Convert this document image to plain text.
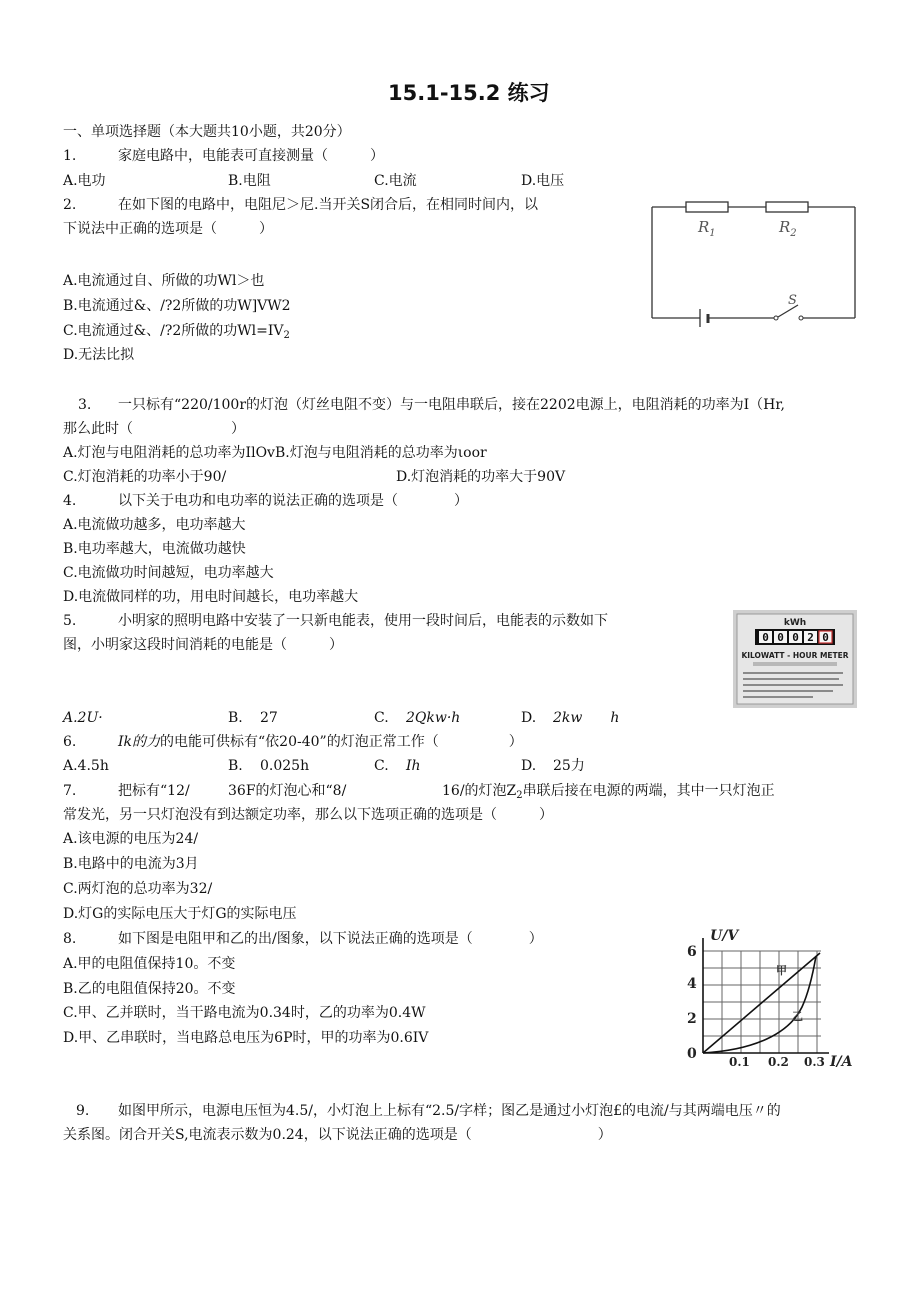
15.1-15.2 练习
一、单项选择题（本大题共10小题，共20分）
1.	家庭电路中，电能表可直接测量（　　　）
A.电功	B.电阻	C.电流	D.电压
2.	在如下图的电路中，电阻尼＞尼.当开关S闭合后，在相同时间内，以
下说法中正确的选项是（　　　）
A.电流通过自、所做的功Wl＞也
B.电流通过&、/?2所做的功W]VW2
C.电流通过&、/?2所做的功$Wl=IV_2$
D.无法比拟
$R_1$	$R_2$
S
3. 一只标有“220/100r的灯泡（灯丝电阻不变）与一电阻串联后，接在2202电源上，电阻消耗的功率为I（Hr,
那么此时（　　　　　　　）
A.灯泡与电阻消耗的总功率为IlOvB.灯泡与电阻消耗的总功率为ιoor
C.灯泡消耗的功率小于90/	D.灯泡消耗的功率大于90V
4.	以下关于电功和电功率的说法正确的选项是（　　　　）
A.电流做功越多，电功率越大
B.电功率越大，电流做功越快
C.电流做功时间越短，电功率越大
D.电流做同样的功，用电时间越长，电功率越大
5.	小明家的照明电路中安装了一只新电能表，使用一段时间后，电能表的示数如下
图，小明家这段时间消耗的电能是（　　　）
A.2U·	B. 27	C. 2Qkw·h	D. 2kw　　h
kWh
0 0 0 2 0
KILOWATT - HOUR METER
6.	Ik的力的电能可供标有“依20-40”的灯泡正常工作（　　　　　）
A.4.5h	B. 0.025h	C. Ih	D. 25力
7.	把标有“12/	36F的灯泡心和“8/	16/的灯泡$Z_2$串联后接在电源的两端，其中一只灯泡正
常发光，另一只灯泡没有到达额定功率，那么以下选项正确的选项是（　　　）
A.该电源的电压为24/
B.电路中的电流为3月
C.两灯泡的总功率为32/
D.灯G的实际电压大于灯G的实际电压
8.	如下图是电阻甲和乙的出/图象，以下说法正确的选项是（　　　　）
A.甲的电阻值保持10。不变
B.乙的电阻值保持20。不变
C.甲、乙并联时，当干路电流为0.34时，乙的功率为0.4W
D.甲、乙串联时，当电路总电压为6P时，甲的功率为0.6IV
U/V
6
4
2
0	0.1 0.2 0.3 I/A
甲
乙
9. 如图甲所示，电源电压恒为4.5/，小灯泡上上标有“2.5/字样；图乙是通过小灯泡£的电流/与其两端电压〃的
关系图。闭合开关S,电流表示数为0.24，以下说法正确的选项是（　　　　　　　　　）
